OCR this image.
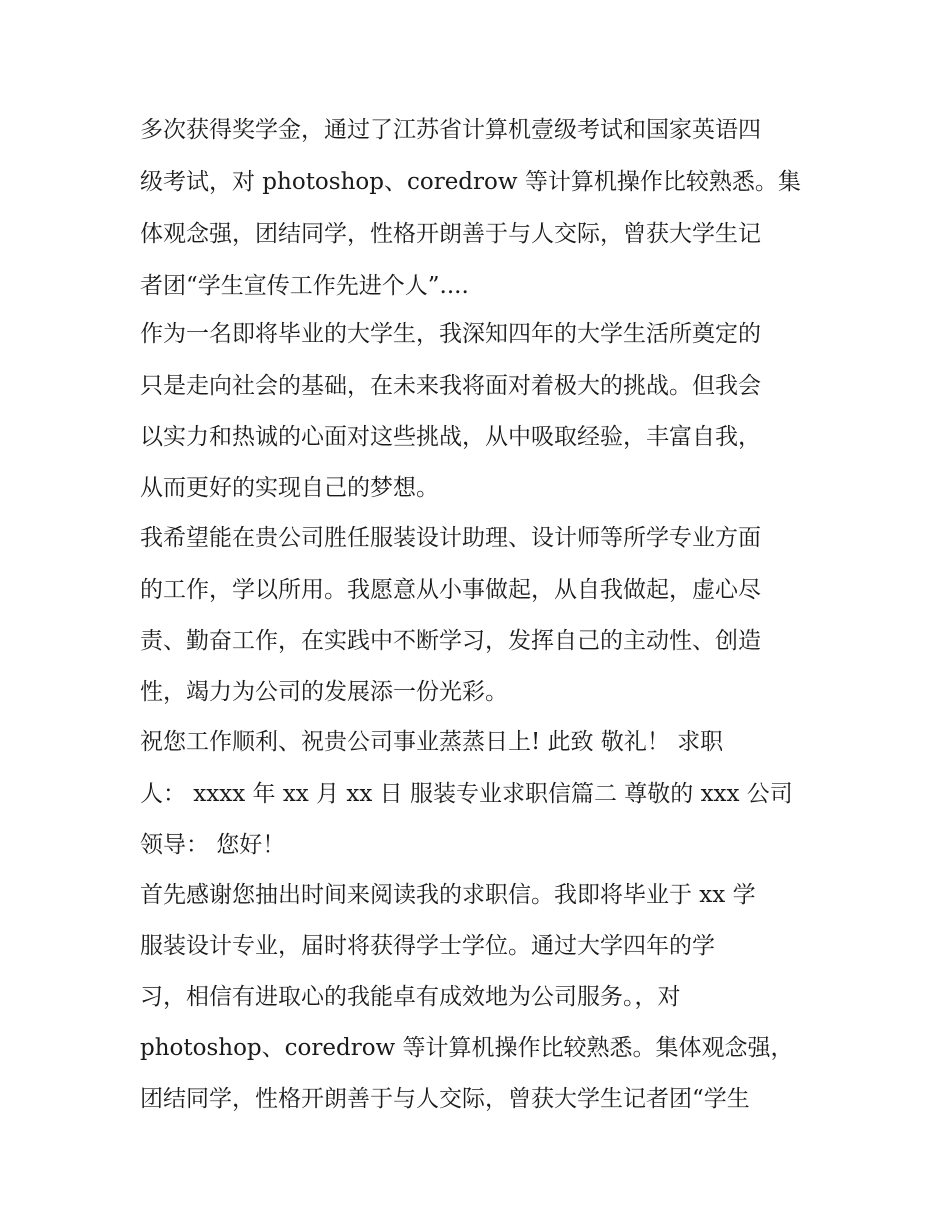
多次获得奖学金，通过了江苏省计算机壹级考试和国家英语四
级考试，对 photoshop、coredrow 等计算机操作比较熟悉。集
体观念强，团结同学，性格开朗善于与人交际，曾获大学生记
者团“学生宣传工作先进个人”....
作为一名即将毕业的大学生，我深知四年的大学生活所奠定的
只是走向社会的基础，在未来我将面对着极大的挑战。但我会
以实力和热诚的心面对这些挑战，从中吸取经验，丰富自我，
从而更好的实现自己的梦想。
我希望能在贵公司胜任服装设计助理、设计师等所学专业方面
的工作，学以所用。我愿意从小事做起，从自我做起，虚心尽
责、勤奋工作，在实践中不断学习，发挥自己的主动性、创造
性，竭力为公司的发展添一份光彩。
祝您工作顺利、祝贵公司事业蒸蒸日上! 此致 敬礼！ 求职
人： xxxx 年 xx 月 xx 日 服装专业求职信篇二 尊敬的 xxx 公司
领导： 您好！
首先感谢您抽出时间来阅读我的求职信。我即将毕业于 xx 学
服装设计专业，届时将获得学士学位。通过大学四年的学
习，相信有进取心的我能卓有成效地为公司服务。，对
photoshop、coredrow 等计算机操作比较熟悉。集体观念强，
团结同学，性格开朗善于与人交际，曾获大学生记者团“学生
